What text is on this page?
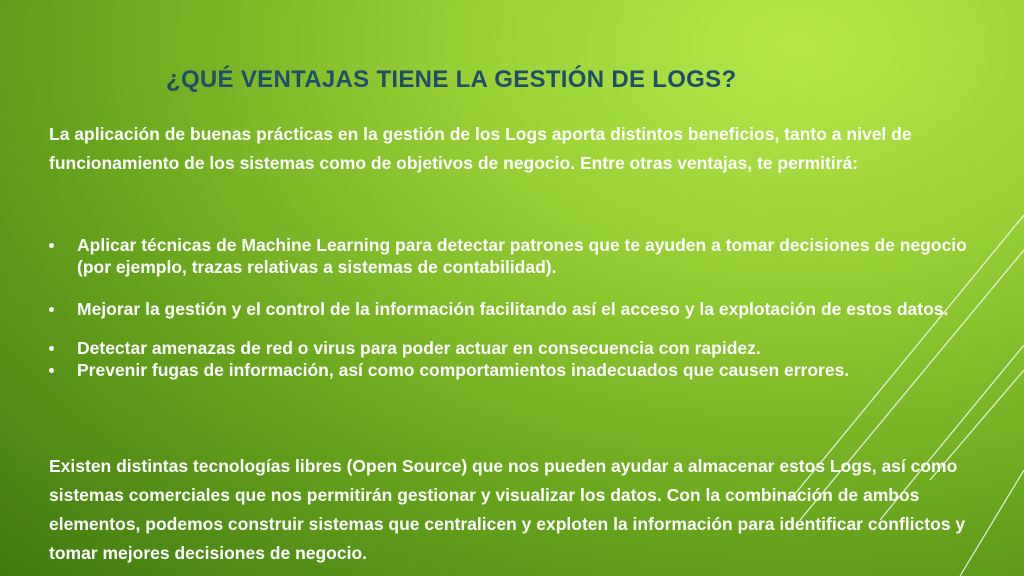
¿QUÉ VENTAJAS TIENE LA GESTIÓN DE LOGS?

La aplicación de buenas prácticas en la gestión de los Logs aporta distintos beneficios, tanto a nivel de funcionamiento de los sistemas como de objetivos de negocio. Entre otras ventajas, te permitirá:

Aplicar técnicas de Machine Learning para detectar patrones que te ayuden a tomar decisiones de negocio (por ejemplo, trazas relativas a sistemas de contabilidad).
Mejorar la gestión y el control de la información facilitando así el acceso y la explotación de estos datos.
Detectar amenazas de red o virus para poder actuar en consecuencia con rapidez.
Prevenir fugas de información, así como comportamientos inadecuados que causen errores.

Existen distintas tecnologías libres (Open Source) que nos pueden ayudar a almacenar estos Logs, así como sistemas comerciales que nos permitirán gestionar y visualizar los datos. Con la combinación de ambos elementos, podemos construir sistemas que centralicen y exploten la información para identificar conflictos y tomar mejores decisiones de negocio.
